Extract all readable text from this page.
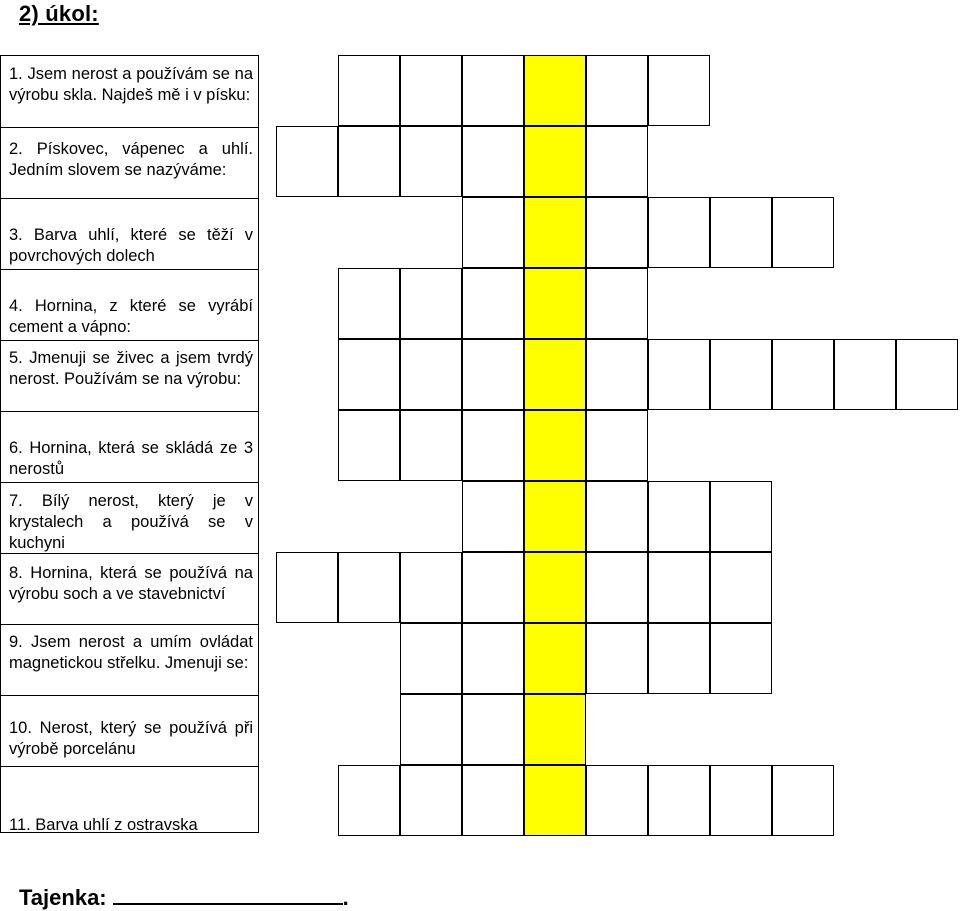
2) úkol:
1. Jsem nerost a používám se na výrobu skla. Najdeš mě i v písku:
2. Pískovec, vápenec a uhlí. Jedním slovem se nazýváme:
3. Barva uhlí, které se těží v povrchových dolech
4. Hornina, z které se vyrábí cement a vápno:
5. Jmenuji se živec a jsem tvrdý nerost. Používám se na výrobu:
6. Hornina, která se skládá ze 3 nerostů
7. Bílý nerost, který je v krystalech a používá se v kuchyni
8. Hornina, která se používá na výrobu soch a ve stavebnictví
9. Jsem nerost a umím ovládat magnetickou střelku. Jmenuji se:
10. Nerost, který se používá při výrobě porcelánu
11. Barva uhlí z ostravska
Tajenka:	.
